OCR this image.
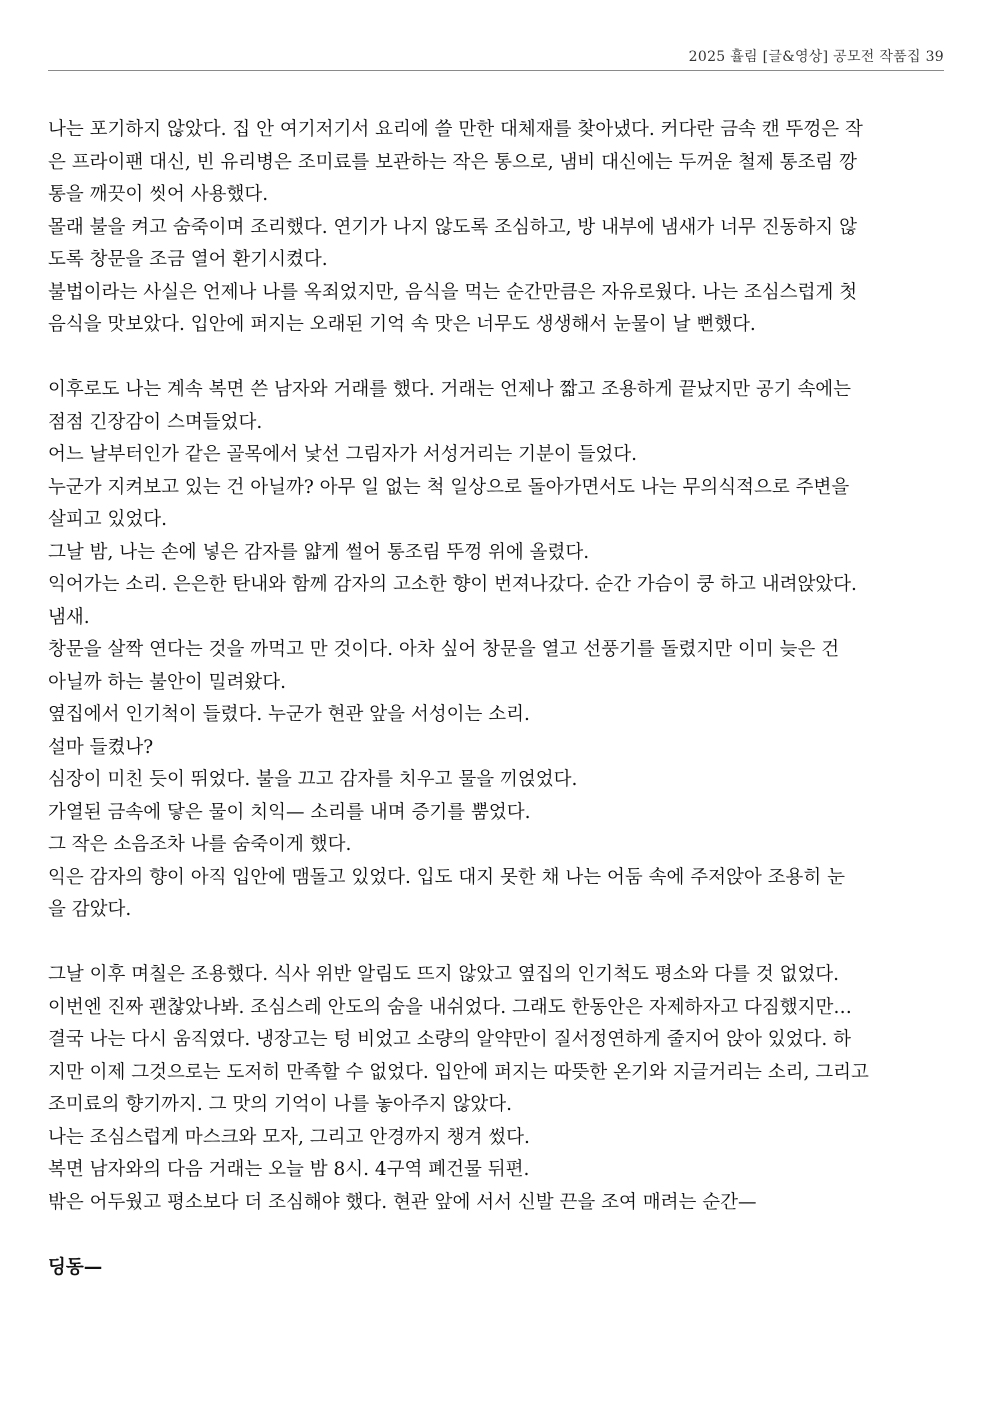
2025 휼림 [글&영상] 공모전 작품집 39
나는 포기하지 않았다. 집 안 여기저기서 요리에 쓸 만한 대체재를 찾아냈다. 커다란 금속 캔 뚜껑은 작
은 프라이팬 대신, 빈 유리병은 조미료를 보관하는 작은 통으로, 냄비 대신에는 두꺼운 철제 통조림 깡
통을 깨끗이 씻어 사용했다.
몰래 불을 켜고 숨죽이며 조리했다. 연기가 나지 않도록 조심하고, 방 내부에 냄새가 너무 진동하지 않
도록 창문을 조금 열어 환기시켰다.
불법이라는 사실은 언제나 나를 옥죄었지만, 음식을 먹는 순간만큼은 자유로웠다. 나는 조심스럽게 첫
음식을 맛보았다. 입안에 퍼지는 오래된 기억 속 맛은 너무도 생생해서 눈물이 날 뻔했다.
이후로도 나는 계속 복면 쓴 남자와 거래를 했다. 거래는 언제나 짧고 조용하게 끝났지만 공기 속에는
점점 긴장감이 스며들었다.
어느 날부터인가 같은 골목에서 낯선 그림자가 서성거리는 기분이 들었다.
누군가 지켜보고 있는 건 아닐까? 아무 일 없는 척 일상으로 돌아가면서도 나는 무의식적으로 주변을
살피고 있었다.
그날 밤, 나는 손에 넣은 감자를 얇게 썰어 통조림 뚜껑 위에 올렸다.
익어가는 소리. 은은한 탄내와 함께 감자의 고소한 향이 번져나갔다. 순간 가슴이 쿵 하고 내려앉았다.
냄새.
창문을 살짝 연다는 것을 까먹고 만 것이다. 아차 싶어 창문을 열고 선풍기를 돌렸지만 이미 늦은 건
아닐까 하는 불안이 밀려왔다.
옆집에서 인기척이 들렸다. 누군가 현관 앞을 서성이는 소리.
설마 들켰나?
심장이 미친 듯이 뛰었다. 불을 끄고 감자를 치우고 물을 끼얹었다.
가열된 금속에 닿은 물이 치익— 소리를 내며 증기를 뿜었다.
그 작은 소음조차 나를 숨죽이게 했다.
익은 감자의 향이 아직 입안에 맴돌고 있었다. 입도 대지 못한 채 나는 어둠 속에 주저앉아 조용히 눈
을 감았다.
그날 이후 며칠은 조용했다. 식사 위반 알림도 뜨지 않았고 옆집의 인기척도 평소와 다를 것 없었다.
이번엔 진짜 괜찮았나봐. 조심스레 안도의 숨을 내쉬었다. 그래도 한동안은 자제하자고 다짐했지만…
결국 나는 다시 움직였다. 냉장고는 텅 비었고 소량의 알약만이 질서정연하게 줄지어 앉아 있었다. 하
지만 이제 그것으로는 도저히 만족할 수 없었다. 입안에 퍼지는 따뜻한 온기와 지글거리는 소리, 그리고
조미료의 향기까지. 그 맛의 기억이 나를 놓아주지 않았다.
나는 조심스럽게 마스크와 모자, 그리고 안경까지 챙겨 썼다.
복면 남자와의 다음 거래는 오늘 밤 8시. 4구역 폐건물 뒤편.
밖은 어두웠고 평소보다 더 조심해야 했다. 현관 앞에 서서 신발 끈을 조여 매려는 순간—
딩동—
